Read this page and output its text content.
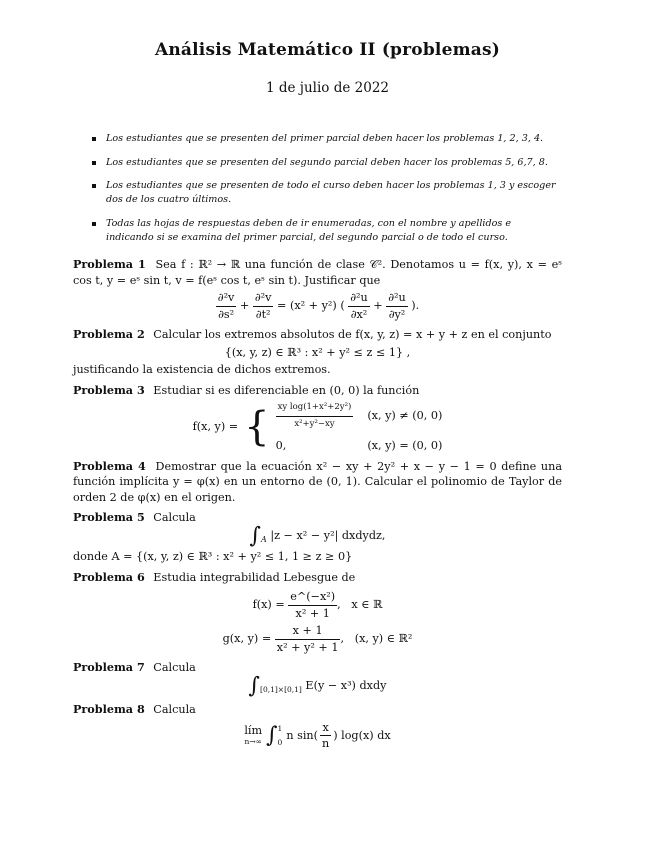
Análisis Matemático II (problemas)
1 de julio de 2022
Los estudiantes que se presenten del primer parcial deben hacer los problemas 1, 2, 3, 4.
Los estudiantes que se presenten del segundo parcial deben hacer los problemas 5, 6,7, 8.
Los estudiantes que se presenten de todo el curso deben hacer los problemas 1, 3 y escoger dos de los cuatro últimos.
Todas las hojas de respuestas deben de ir enumeradas, con el nombre y apellidos e indicando si se examina del primer parcial, del segundo parcial o de todo el curso.

Problema 1 Sea f : ℝ² → ℝ una función de clase 𝒞². Denotamos u = f(x, y), x = eˢ cos t, y = eˢ sin t, v = f(eˢ cos t, eˢ sin t). Justificar que

$\frac{\text{∂²v}}{\text{∂s²}} + \frac{\text{∂²v}}{\text{∂t²}} = (x^2 + y^2)$ ( $\frac{\text{∂²u}}{\text{∂x²}} + \frac{\text{∂²u}}{\text{∂y²}}$ ).

Problema 2 Calcular los extremos absolutos de f(x, y, z) = x + y + z en el conjunto

{(x, y, z) ∈ ℝ³ : x² + y² ≤ z ≤ 1} ,

justificando la existencia de dichos extremos.

Problema 3 Estudiar si es diferenciable en (0, 0) la función

f(x, y) = { $\frac{\text{xy log(1+x²+2y²)}}{\text{x²+y²−xy}} (x$, y) ≠ (0, 0)
0,	(x, y) = (0, 0)

Problema 4 Demostrar que la ecuación x² − xy + 2y² + x − y − 1 = 0 define una función implícita y = φ(x) en un entorno de (0, 1). Calcular el polinomio de Taylor de orden 2 de φ(x) en el origen.

Problema 5 Calcula

$\int_A$ |z − x² − y²| dxdydz,

donde A = {(x, y, z) ∈ ℝ³ : x² + y² ≤ 1, 1 ≥ z ≥ 0}

Problema 6 Estudia integrabilidad Lebesgue de

$f(x) = \frac{\text{e\textasciicircum{}(−x²)}}{\text{x² + 1}}$ ,   x ∈ ℝ
g(x, $y) = \frac{x + 1}{\text{x² + y² + 1}}$ ,   (x, y) ∈ ℝ²

Problema 7 Calcula

$\int_{[0,1]\times[0,1]}$ E(y − x³) dxdy

Problema 8 Calcula

lím
n→∞ ∫ 1
0
n $\sin( \frac{x}{n}$ ) log(x) dx
